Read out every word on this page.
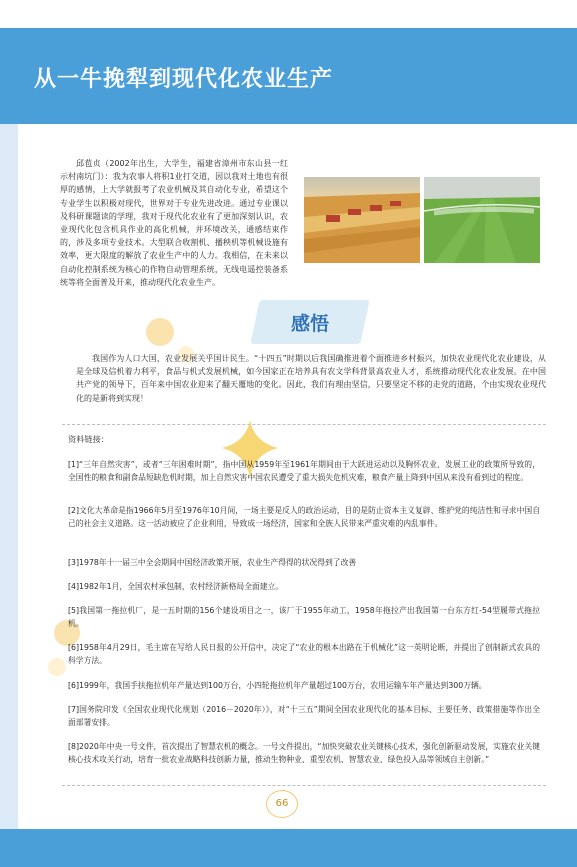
从一牛挽犁到现代化农业生产

邱苞贞（2002年出生，大学生，福建省漳州市东山县一红示村南坑门）：我为农事人将积1业打交道，因以我对土地也有很厚的感情，上大学就报考了农业机械及其自动化专业，希望这个专业学生以积极对现代，世界对于专业先进改进。通过专业课以及科研课题读的学理，我对于现代化农业有了更加深刻认识，农业现代化包含机具作业的高化机械，并环境改关，通感结束作的，涉及多项专业技术。大型联合收割机、播秧机等机械设施有效率，更大限度的解放了农业生产中的人力。我相信，在未来以自动化控制系统为核心的作物自动管理系统，无线电遥控装备系统等将全面普及开来，推动现代化农业生产。

感悟

我国作为人口大国，农业发展关乎国计民生。“十四五”时期以后我国确推进着个面推进乡村振兴，加快农业现代化农业建设，从是全球及信机着力利平，食品与机式发展机械，如今国家正在培养具有农文学科背景高农业人才，系统推动现代化农业发展。在中国共产党的领导下，百年来中国农业迎来了翻天覆地的变化。因此，我们有理由坚信，只要坚定不移的走党的道路，个由实现农业现代化的是新将到实现！

资料链接：

[1]“三年自然灾害”，或者“三年困难时期”，指中国从1959年至1961年期间由于大跃进运动以及胸怀农业，发展工业的政策所导致的，全国性的粮食和副食品短缺危机时期，加上自然灾害中国农民遭受了重大损失危机灾难，粮食产量上降到中国从来没有看到过的程度。

[2]文化大革命是指1966年5月至1976年10月间，一场主要是反人的政治运动，目的是防止资本主义复辟、维护党的纯洁性和寻求中国自己的社会主义道路。这一活动被应了企业利用，导致成一场经济，国家和全族人民带来严重灾难的内乱事件。

[3]1978年十一届三中全会期间中国经济政策开展，农业生产得得的状况得到了改善

[4]1982年1月，全国农村承包制，农村经济新格局全面建立。

[5]我国第一拖拉机厂，是一五时期的156个建设项目之一，该厂于1955年动工，1958年拖拉产出我国第一台东方红-54型履带式拖拉机。

[6]1958年4月29日，毛主席在写给人民日报的公开信中，决定了“农业的根本出路在于机械化”这一英明论断，并提出了创制新式农具的科学方法。

[6]1999年，我国手扶拖拉机年产量达到100万台，小四轮拖拉机年产量超过100万台，农用运输车年产量达到300万辆。

[7]国务院印发《全国农业现代化规划（2016－2020年）》，对“十三五”期间全国农业现代化的基本目标、主要任务、政策措施等作出全面部署安排。

[8]2020年中央一号文件，首次提出了智慧农机的概念。一号文件提出，“加快突破农业关键核心技术，强化创新驱动发展，实施农业关键核心技术攻关行动，培育一批农业战略科技创新力量，推动生物种业、重型农机、智慧农业、绿色投入品等领域自主创新。”

66
